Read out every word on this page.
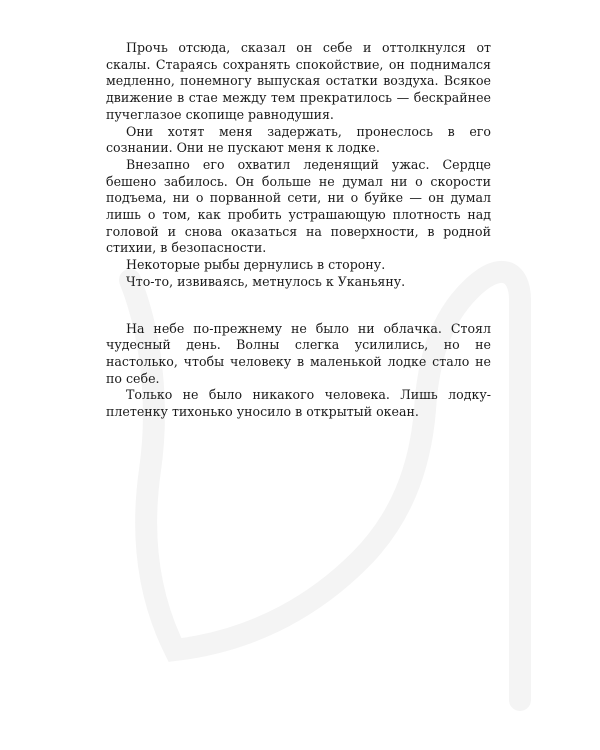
Прочь отсюда, сказал он себе и оттолкнулся от скалы. Стараясь сохранять спокойствие, он поднимался медленно, понемногу выпуская остатки воздуха. Всякое движение в стае между тем прекратилось — бескрайнее пучеглазое скопище равнодушия.

Они хотят меня задержать, пронеслось в его сознании. Они не пускают меня к лодке.

Внезапно его охватил леденящий ужас. Сердце бешено забилось. Он больше не думал ни о скорости подъема, ни о порванной сети, ни о буйке — он думал лишь о том, как пробить устрашающую плотность над головой и снова оказаться на поверхности, в родной стихии, в безопасности.

Некоторые рыбы дернулись в сторону.

Что-то, извиваясь, метнулось к Уканьяну.

На небе по-прежнему не было ни облачка. Стоял чудесный день. Волны слегка усилились, но не настолько, чтобы человеку в маленькой лодке стало не по себе.

Только не было никакого человека. Лишь лодку-плетенку тихонько уносило в открытый океан.
